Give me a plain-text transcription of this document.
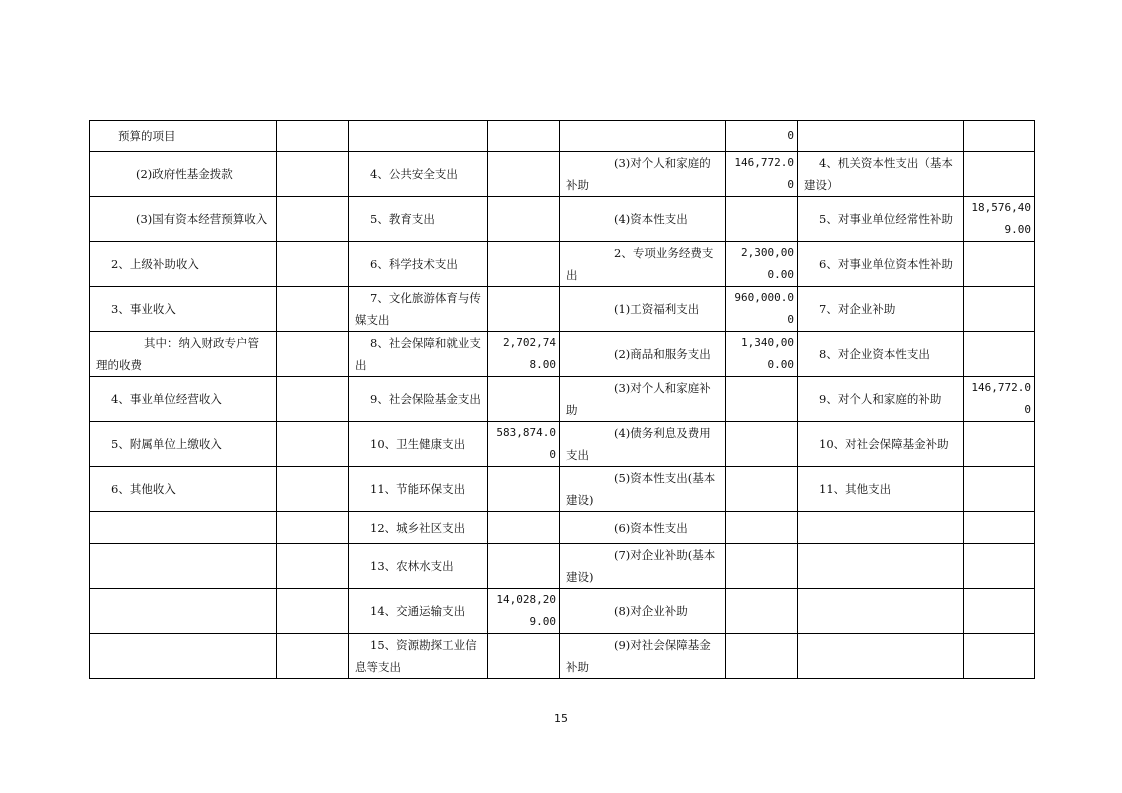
预算的项目					0		
(2)政府性基金拨款		4、公共安全支出		(3)对个人和家庭的补助	146,772.00	4、机关资本性支出（基本建设）	
(3)国有资本经营预算收入		5、教育支出		(4)资本性支出		5、对事业单位经常性补助	18,576,409.00
2、上级补助收入		6、科学技术支出		2、专项业务经费支出	2,300,000.00	6、对事业单位资本性补助	
3、事业收入		7、文化旅游体育与传媒支出		(1)工资福利支出	960,000.00	7、对企业补助	
其中：纳入财政专户管理的收费		8、社会保障和就业支出	2,702,748.00	(2)商品和服务支出	1,340,000.00	8、对企业资本性支出	
4、事业单位经营收入		9、社会保险基金支出		(3)对个人和家庭补助		9、对个人和家庭的补助	146,772.00
5、附属单位上缴收入		10、卫生健康支出	583,874.00	(4)债务利息及费用支出		10、对社会保障基金补助	
6、其他收入		11、节能环保支出		(5)资本性支出(基本建设)		11、其他支出	
		12、城乡社区支出		(6)资本性支出			
		13、农林水支出		(7)对企业补助(基本建设)			
		14、交通运输支出	14,028,209.00	(8)对企业补助			
		15、资源勘探工业信息等支出		(9)对社会保障基金补助			
15
